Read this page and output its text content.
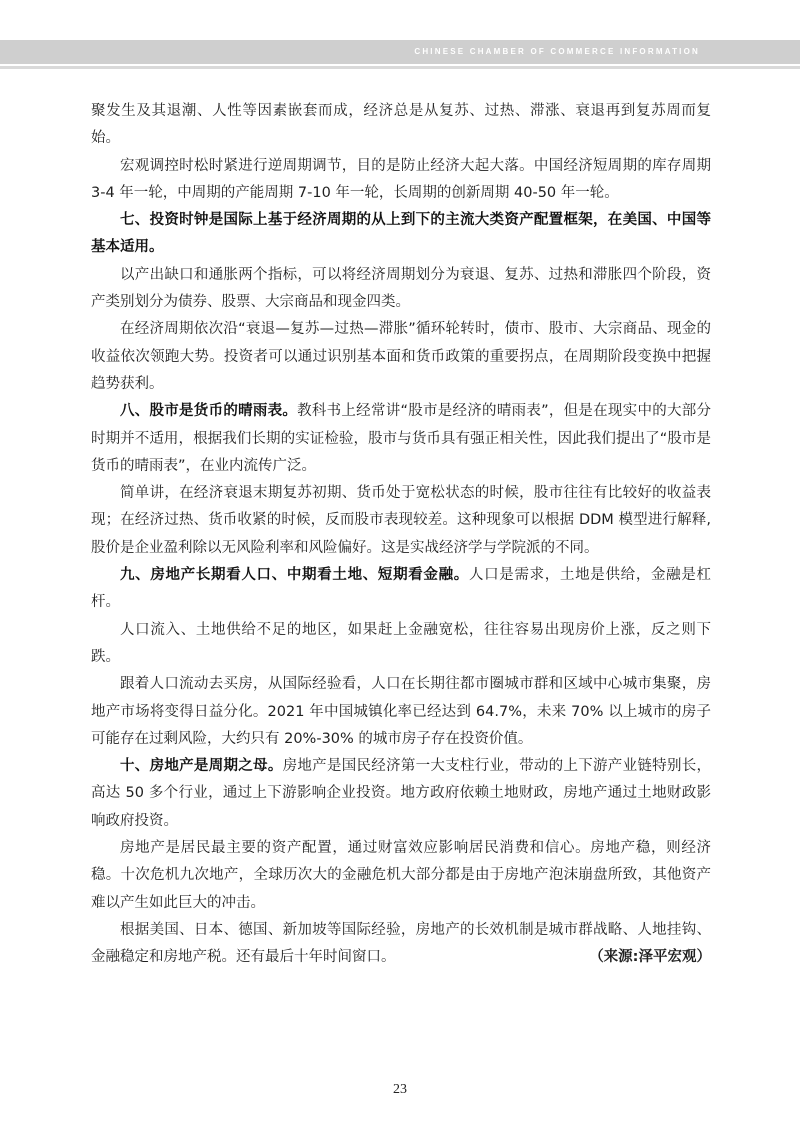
CHINESE CHAMBER OF COMMERCE INFORMATION

聚发生及其退潮、人性等因素嵌套而成，经济总是从复苏、过热、滞涨、衰退再到复苏周而复始。

宏观调控时松时紧进行逆周期调节，目的是防止经济大起大落。中国经济短周期的库存周期 3-4 年一轮，中周期的产能周期 7-10 年一轮，长周期的创新周期 40-50 年一轮。

七、投资时钟是国际上基于经济周期的从上到下的主流大类资产配置框架，在美国、中国等基本适用。

以产出缺口和通胀两个指标，可以将经济周期划分为衰退、复苏、过热和滞胀四个阶段，资产类别划分为债券、股票、大宗商品和现金四类。

在经济周期依次沿“衰退—复苏—过热—滞胀”循环轮转时，债市、股市、大宗商品、现金的收益依次领跑大势。投资者可以通过识别基本面和货币政策的重要拐点，在周期阶段变换中把握趋势获利。

八、股市是货币的晴雨表。教科书上经常讲“股市是经济的晴雨表”，但是在现实中的大部分时期并不适用，根据我们长期的实证检验，股市与货币具有强正相关性，因此我们提出了“股市是货币的晴雨表”，在业内流传广泛。

简单讲，在经济衰退末期复苏初期、货币处于宽松状态的时候，股市往往有比较好的收益表现；在经济过热、货币收紧的时候，反而股市表现较差。这种现象可以根据 DDM 模型进行解释,股价是企业盈利除以无风险利率和风险偏好。这是实战经济学与学院派的不同。

九、房地产长期看人口、中期看土地、短期看金融。人口是需求，土地是供给，金融是杠杆。

人口流入、土地供给不足的地区，如果赶上金融宽松，往往容易出现房价上涨，反之则下跌。

跟着人口流动去买房，从国际经验看，人口在长期往都市圈城市群和区域中心城市集聚，房地产市场将变得日益分化。2021 年中国城镇化率已经达到 64.7%，未来 70% 以上城市的房子可能存在过剩风险，大约只有 20%-30% 的城市房子存在投资价值。

十、房地产是周期之母。房地产是国民经济第一大支柱行业，带动的上下游产业链特别长，高达 50 多个行业，通过上下游影响企业投资。地方政府依赖土地财政，房地产通过土地财政影响政府投资。

房地产是居民最主要的资产配置，通过财富效应影响居民消费和信心。房地产稳，则经济稳。十次危机九次地产，全球历次大的金融危机大部分都是由于房地产泡沫崩盘所致，其他资产难以产生如此巨大的冲击。

根据美国、日本、德国、新加坡等国际经验，房地产的长效机制是城市群战略、人地挂钩、金融稳定和房地产税。还有最后十年时间窗口。	（来源:泽平宏观）

23
